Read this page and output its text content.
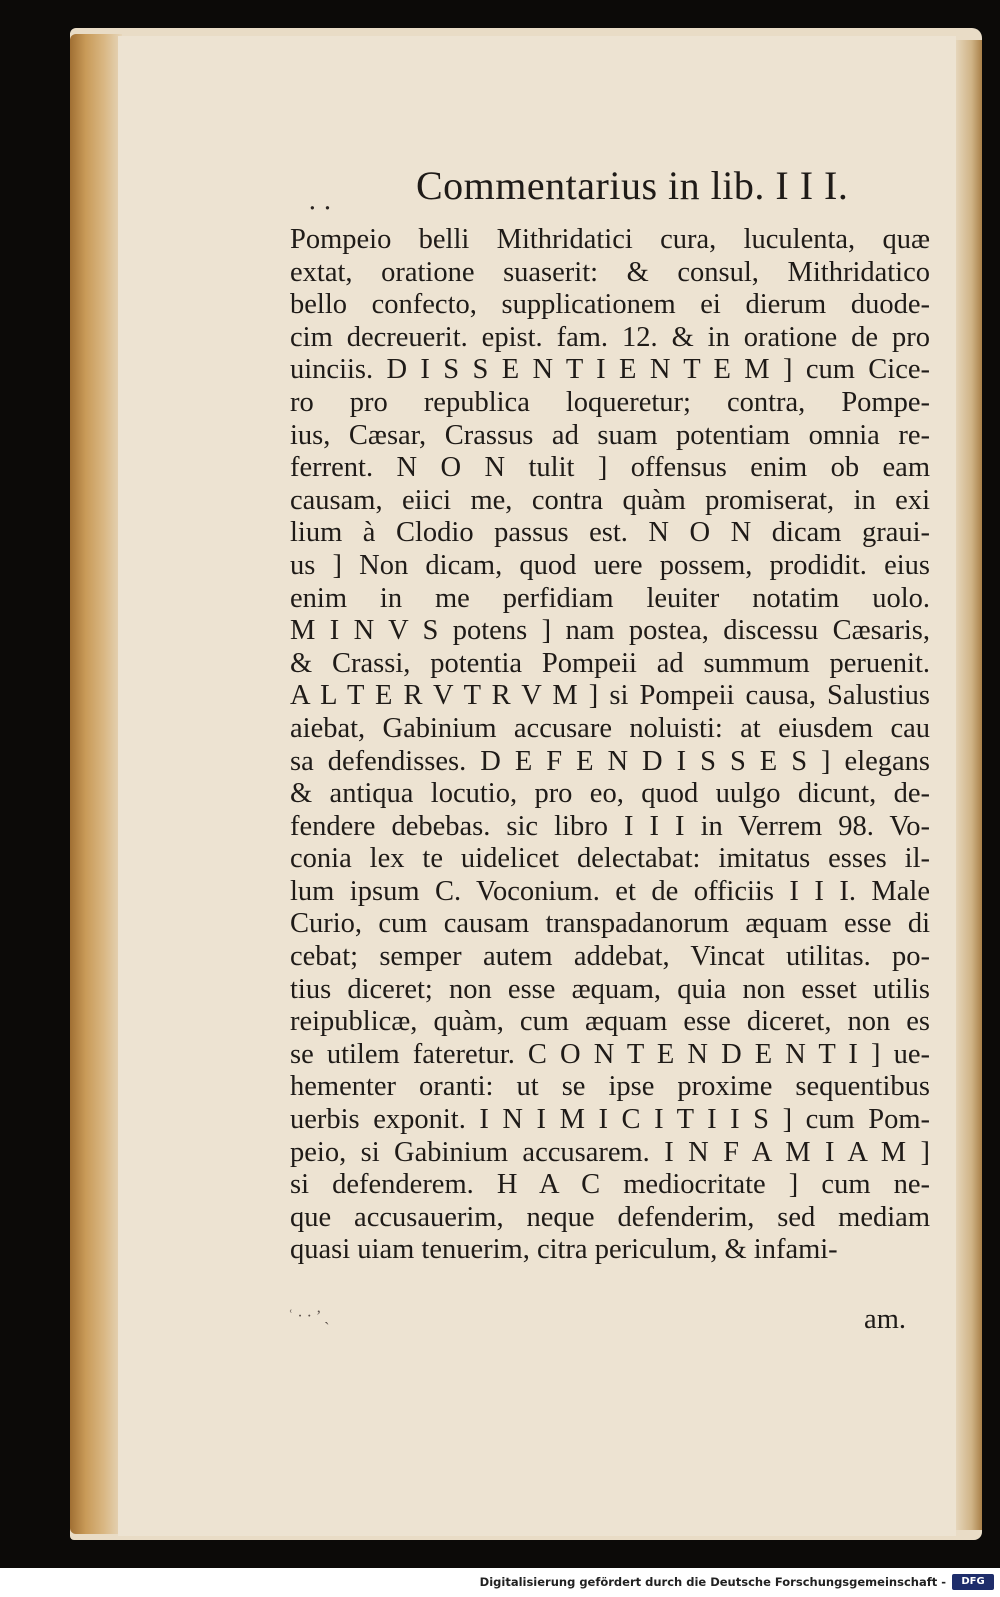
․ ․ Commentarius in lib. I I I.
Pompeio belli Mithridatici cura, luculenta, quæ
extat, oratione suaserit: & consul, Mithridatico
bello confecto, supplicationem ei dierum duode-
cim decreuerit. epist. fam. 12. & in oratione de pro
uinciis. D I S S E N T I E N T E M ] cum Cice-
ro pro republica loqueretur; contra, Pompe-
ius, Cæsar, Crassus ad suam potentiam omnia re-
ferrent. N O N tulit ] offensus enim ob eam
causam, eiici me, contra quàm promiserat, in exi
lium à Clodio passus est. N O N dicam graui-
us ] Non dicam, quod uere possem, prodidit. eius
enim in me perfidiam leuiter notatim uolo.
M I N V S potens ] nam postea, discessu Cæsaris,
& Crassi, potentia Pompeii ad summum peruenit.
A L T E R V T R V M ] si Pompeii causa, Salustius
aiebat, Gabinium accusare noluisti: at eiusdem cau
sa defendisses. D E F E N D I S S E S ] elegans
& antiqua locutio, pro eo, quod uulgo dicunt, de-
fendere debebas. sic libro I I I in Verrem 98. Vo-
conia lex te uidelicet delectabat: imitatus esses il-
lum ipsum C. Voconium. et de officiis I I I. Male
Curio, cum causam transpadanorum æquam esse di
cebat; semper autem addebat, Vincat utilitas. po-
tius diceret; non esse æquam, quia non esset utilis
reipublicæ, quàm, cum æquam esse diceret, non es
se utilem fateretur. C O N T E N D E N T I ] ue-
hementer oranti: ut se ipse proxime sequentibus
uerbis exponit. I N I M I C I T I I S ] cum Pom-
peio, si Gabinium accusarem. I N F A M I A M ]
si defenderem. H A C mediocritate ] cum ne-
que accusauerim, neque defenderim, sed mediam
quasi uiam tenuerim, citra periculum, & infami-
ʿ · · ’ ˎ	am.
Digitalisierung gefördert durch die Deutsche Forschungsgemeinschaft -	DFG
